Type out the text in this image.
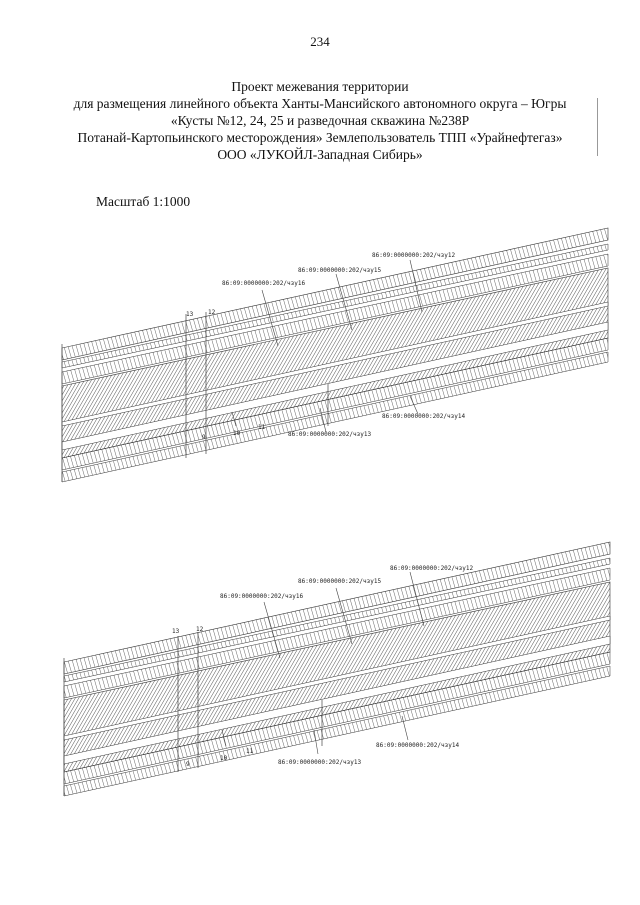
234
Проект межевания территории
для размещения линейного объекта Ханты-Мансийского автономного округа – Югры
«Кусты №12, 24, 25 и разведочная скважина №238Р
Потанай-Картопьинского месторождения» Землепользователь ТПП «Урайнефтегаз»
ООО «ЛУКОЙЛ-Западная Сибирь»
Масштаб 1:1000
86:09:0000000:202/чзу12
86:09:0000000:202/чзу15
86:09:0000000:202/чзу16
86:09:0000000:202/чзу14
86:09:0000000:202/чзу13
13 12
9
10
11
86:09:0000000:202/чзу12
86:09:0000000:202/чзу15
86:09:0000000:202/чзу16
86:09:0000000:202/чзу14
86:09:0000000:202/чзу13
13	12
9
10
11
